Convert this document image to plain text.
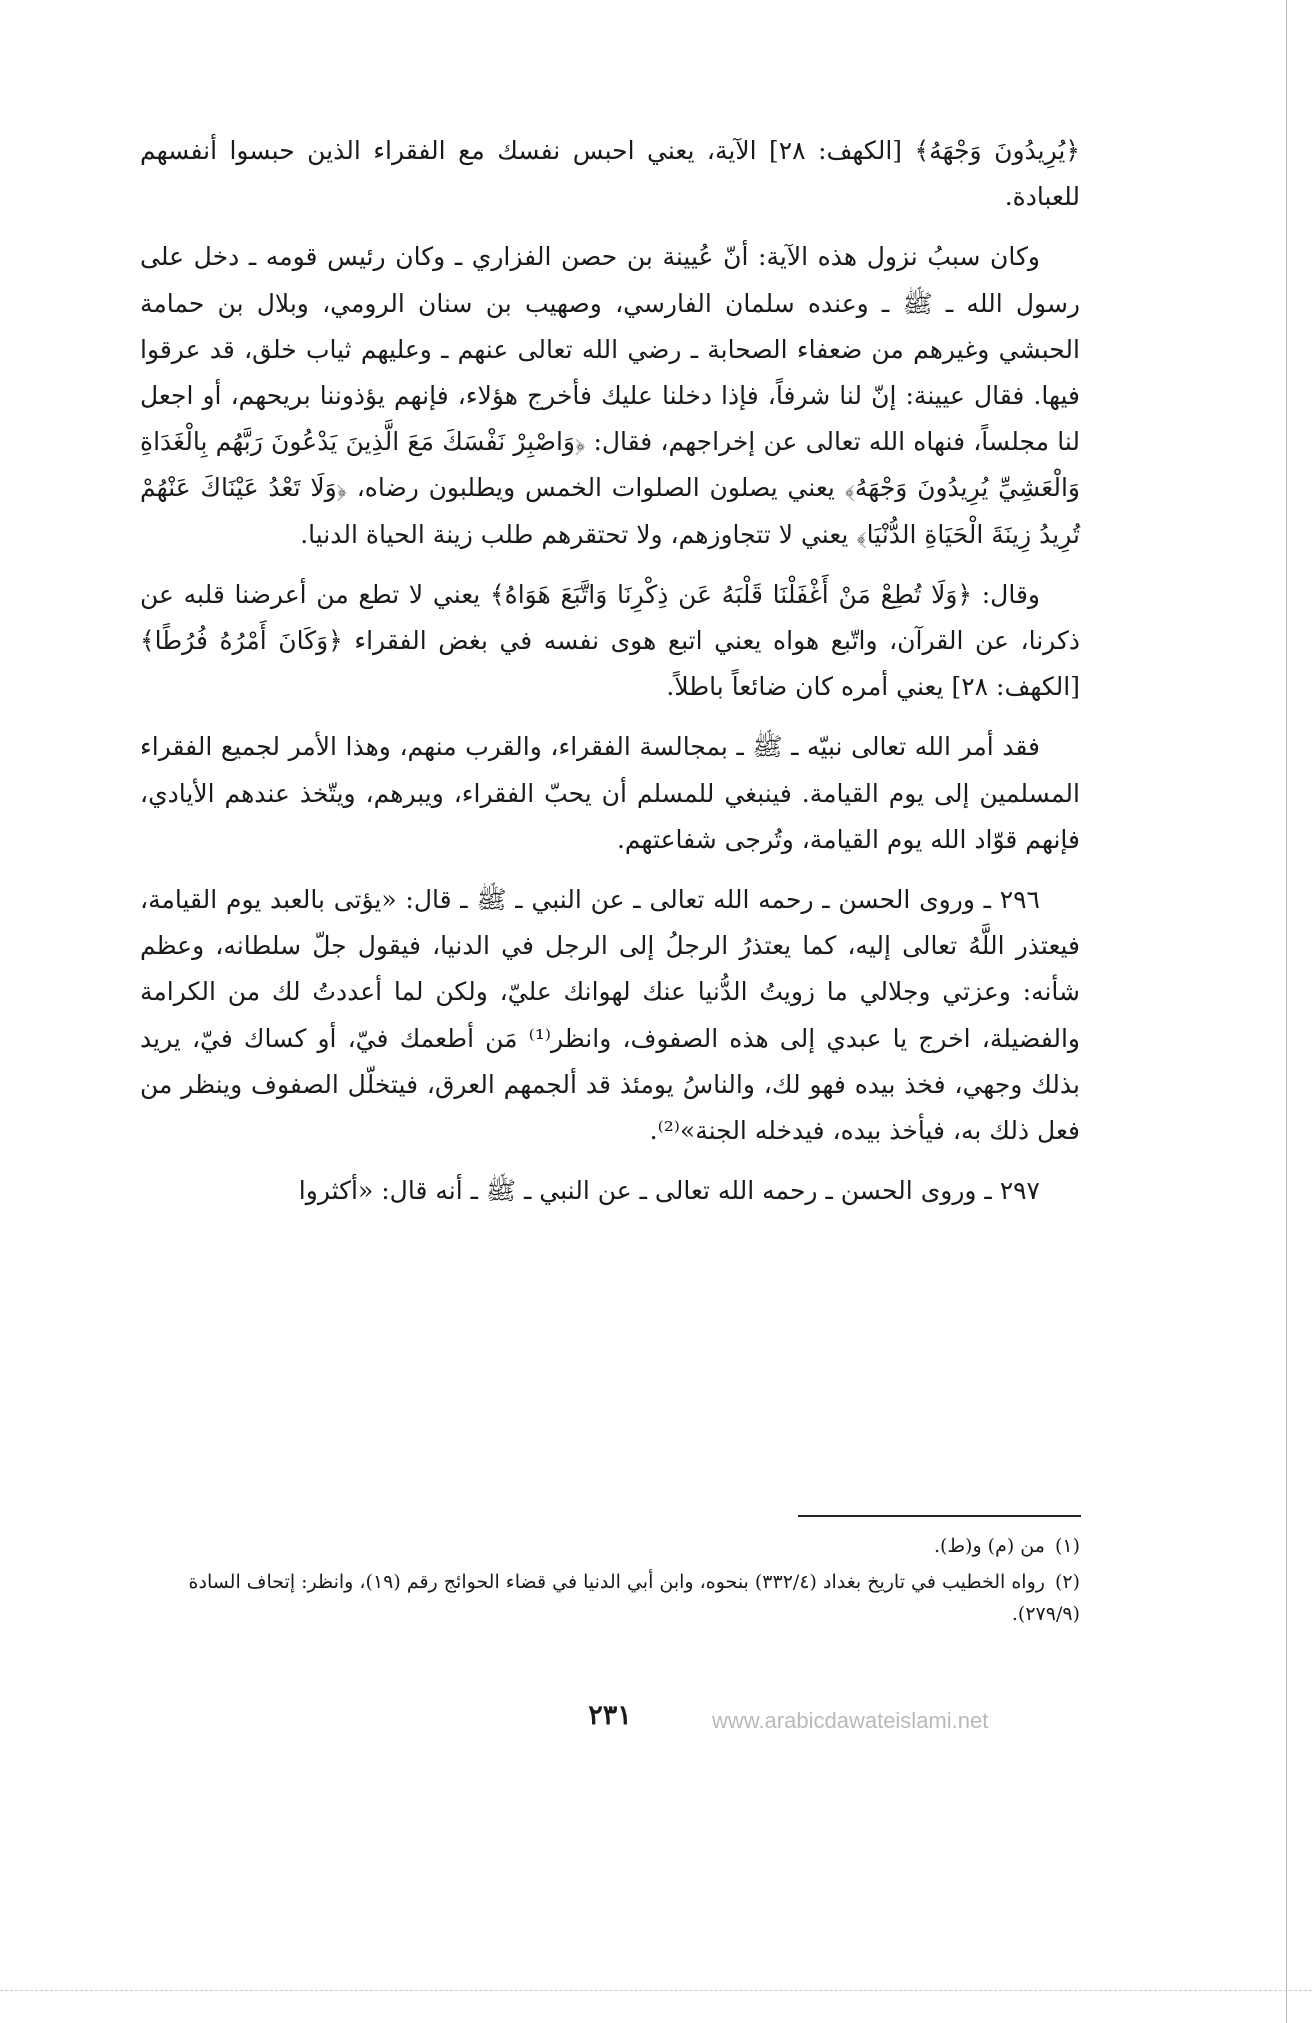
﴿يُرِيدُونَ وَجْهَهُ﴾ [الكهف: ٢٨] الآية، يعني احبس نفسك مع الفقراء الذين حبسوا أنفسهم للعبادة.

وكان سببُ نزول هذه الآية: أنّ عُيينة بن حصن الفزاري ـ وكان رئيس قومه ـ دخل على رسول الله ـ ﷺ ـ وعنده سلمان الفارسي، وصهيب بن سنان الرومي، وبلال بن حمامة الحبشي وغيرهم من ضعفاء الصحابة ـ رضي الله تعالى عنهم ـ وعليهم ثياب خلق، قد عرقوا فيها. فقال عيينة: إنّ لنا شرفاً، فإذا دخلنا عليك فأخرج هؤلاء، فإنهم يؤذوننا بريحهم، أو اجعل لنا مجلساً، فنهاه الله تعالى عن إخراجهم، فقال: ﴿وَاصْبِرْ نَفْسَكَ مَعَ الَّذِينَ يَدْعُونَ رَبَّهُم بِالْغَدَاةِ وَالْعَشِيِّ يُرِيدُونَ وَجْهَهُ﴾ يعني يصلون الصلوات الخمس ويطلبون رضاه، ﴿وَلَا تَعْدُ عَيْنَاكَ عَنْهُمْ تُرِيدُ زِينَةَ الْحَيَاةِ الدُّنْيَا﴾ يعني لا تتجاوزهم، ولا تحتقرهم طلب زينة الحياة الدنيا.

وقال: ﴿وَلَا تُطِعْ مَنْ أَغْفَلْنَا قَلْبَهُ عَن ذِكْرِنَا وَاتَّبَعَ هَوَاهُ﴾ يعني لا تطع من أعرضنا قلبه عن ذكرنا، عن القرآن، واتّبع هواه يعني اتبع هوى نفسه في بغض الفقراء ﴿وَكَانَ أَمْرُهُ فُرُطًا﴾ [الكهف: ٢٨] يعني أمره كان ضائعاً باطلاً.

فقد أمر الله تعالى نبيّه ـ ﷺ ـ بمجالسة الفقراء، والقرب منهم، وهذا الأمر لجميع الفقراء المسلمين إلى يوم القيامة. فينبغي للمسلم أن يحبّ الفقراء، ويبرهم، ويتّخذ عندهم الأيادي، فإنهم قوّاد الله يوم القيامة، وتُرجى شفاعتهم.

٢٩٦ ـ وروى الحسن ـ رحمه الله تعالى ـ عن النبي ـ ﷺ ـ قال: «يؤتى بالعبد يوم القيامة، فيعتذر اللَّهُ تعالى إليه، كما يعتذرُ الرجلُ إلى الرجل في الدنيا، فيقول جلّ سلطانه، وعظم شأنه: وعزتي وجلالي ما زويتُ الدُّنيا عنك لهوانك عليّ، ولكن لما أعددتُ لك من الكرامة والفضيلة، اخرج يا عبدي إلى هذه الصفوف، وانظر⁽¹⁾ مَن أطعمك فيّ، أو كساك فيّ، يريد بذلك وجهي، فخذ بيده فهو لك، والناسُ يومئذ قد ألجمهم العرق، فيتخلّل الصفوف وينظر من فعل ذلك به، فيأخذ بيده، فيدخله الجنة»⁽²⁾.

٢٩٧ ـ وروى الحسن ـ رحمه الله تعالى ـ عن النبي ـ ﷺ ـ أنه قال: «أكثروا

(١)من (م) و(ط).

(٢)رواه الخطيب في تاريخ بغداد (٣٣٢/٤) بنحوه، وابن أبي الدنيا في قضاء الحوائج رقم (١٩)، وانظر: إتحاف السادة (٢٧٩/٩).

٢٣١	www.arabicdawateislami.net
